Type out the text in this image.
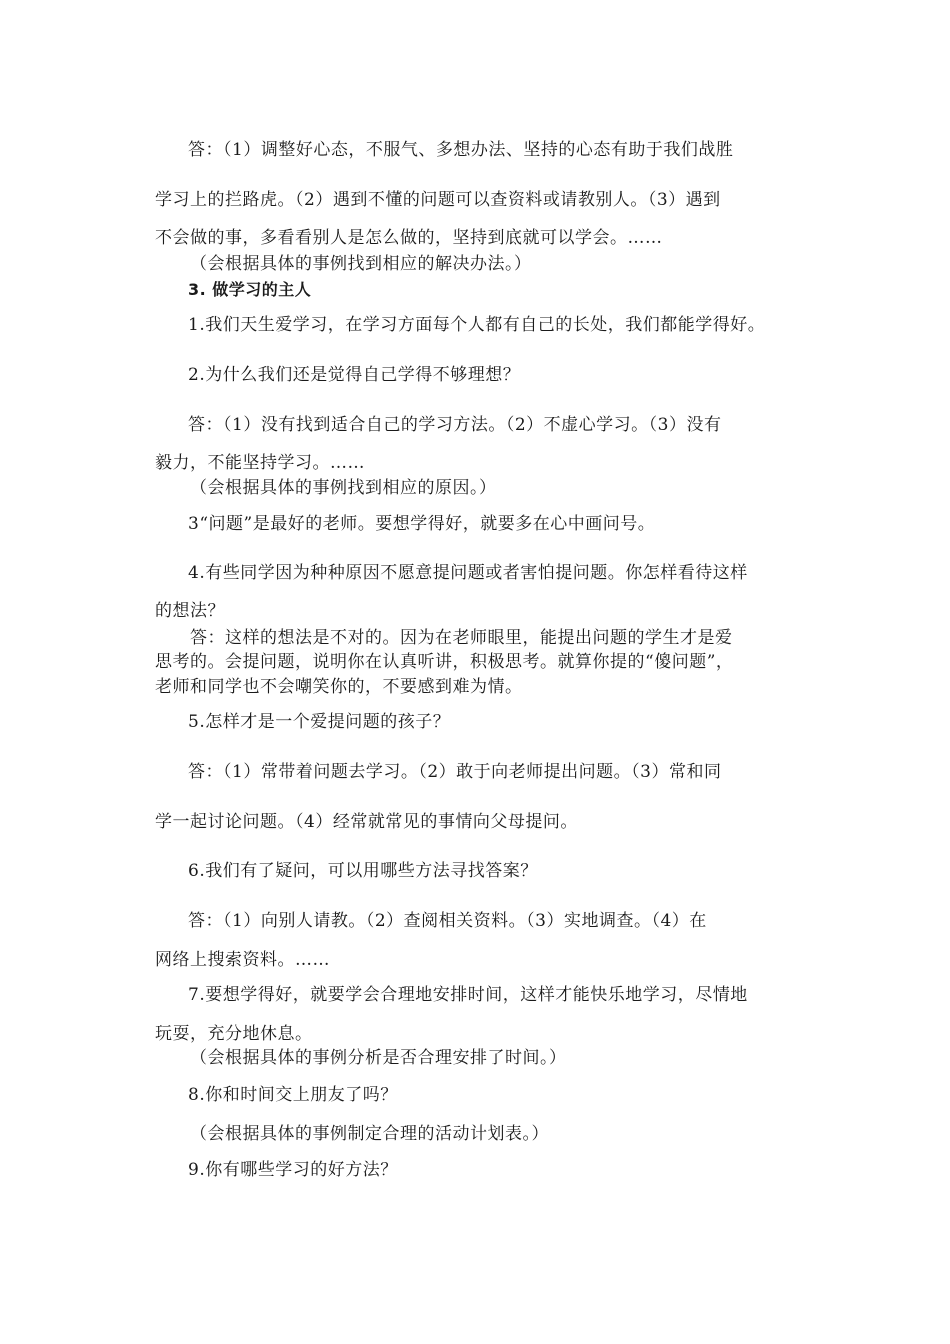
答：（1）调整好心态，不服气、多想办法、坚持的心态有助于我们战胜
学习上的拦路虎。（2）遇到不懂的问题可以查资料或请教别人。（3）遇到
不会做的事，多看看别人是怎么做的，坚持到底就可以学会。……
（会根据具体的事例找到相应的解决办法。）
3. 做学习的主人
1.我们天生爱学习，在学习方面每个人都有自己的长处，我们都能学得好。
2.为什么我们还是觉得自己学得不够理想？
答：（1）没有找到适合自己的学习方法。（2）不虚心学习。（3）没有
毅力，不能坚持学习。……
（会根据具体的事例找到相应的原因。）
3“问题”是最好的老师。要想学得好，就要多在心中画问号。
4.有些同学因为种种原因不愿意提问题或者害怕提问题。你怎样看待这样
的想法？
答：这样的想法是不对的。因为在老师眼里，能提出问题的学生才是爱
思考的。会提问题，说明你在认真听讲，积极思考。就算你提的“傻问题”，
老师和同学也不会嘲笑你的，不要感到难为情。
5.怎样才是一个爱提问题的孩子？
答：（1）常带着问题去学习。（2）敢于向老师提出问题。（3）常和同
学一起讨论问题。（4）经常就常见的事情向父母提问。
6.我们有了疑问，可以用哪些方法寻找答案？
答：（1）向别人请教。（2）查阅相关资料。（3）实地调查。（4）在
网络上搜索资料。……
7.要想学得好，就要学会合理地安排时间，这样才能快乐地学习，尽情地
玩耍，充分地休息。
（会根据具体的事例分析是否合理安排了时间。）
8.你和时间交上朋友了吗？
（会根据具体的事例制定合理的活动计划表。）
9.你有哪些学习的好方法？
